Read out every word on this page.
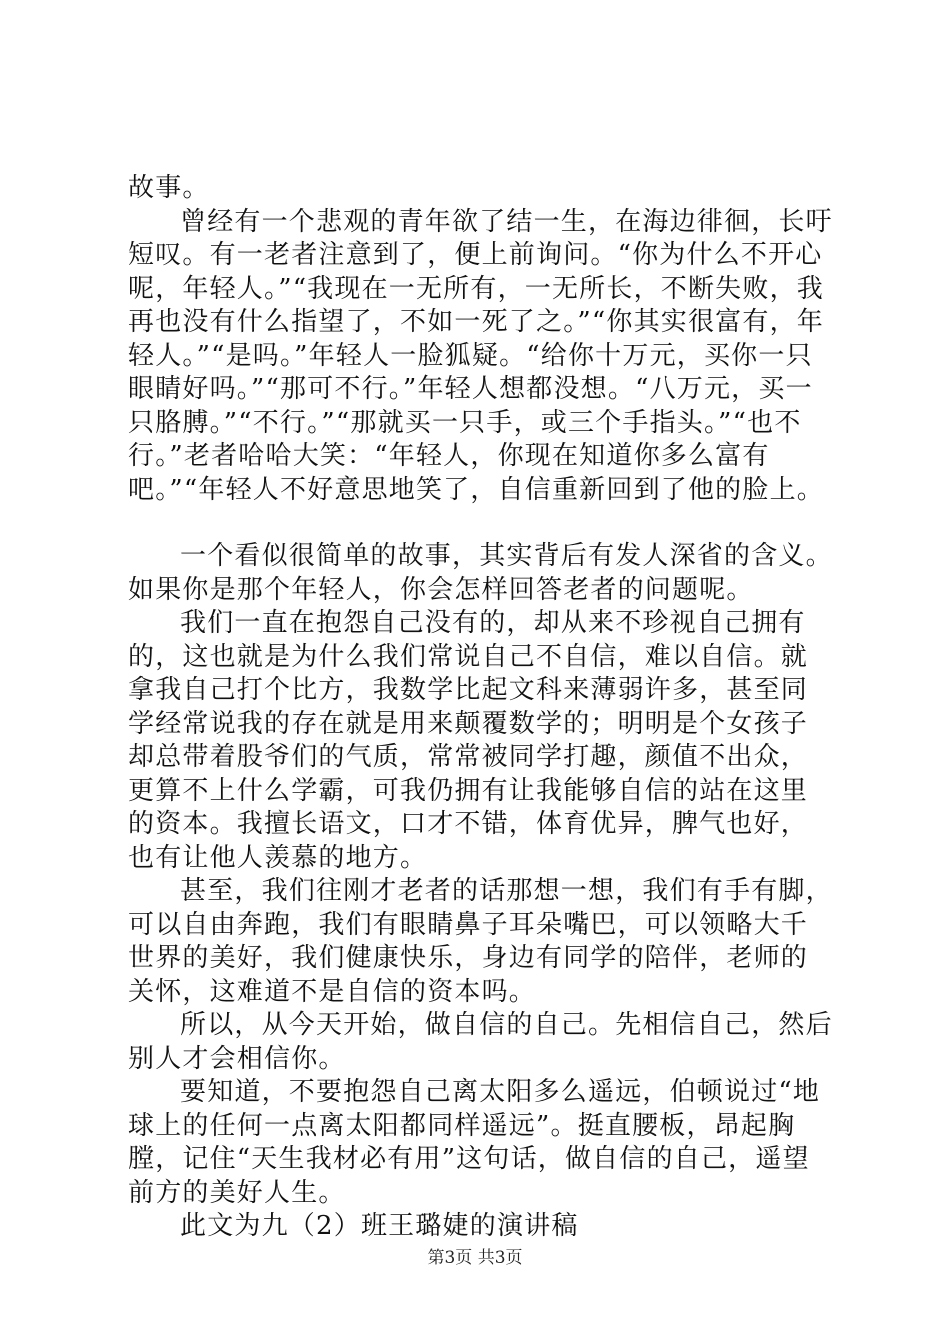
故事。

曾经有一个悲观的青年欲了结一生，在海边徘徊，长吁短叹。有一老者注意到了，便上前询问。“你为什么不开心呢，年轻人。”“我现在一无所有，一无所长，不断失败，我再也没有什么指望了，不如一死了之。”“你其实很富有，年轻人。”“是吗。”年轻人一脸狐疑。“给你十万元，买你一只眼睛好吗。”“那可不行。”年轻人想都没想。“八万元，买一只胳膊。”“不行。”“那就买一只手，或三个手指头。”“也不行。”老者哈哈大笑：“年轻人，你现在知道你多么富有吧。”“年轻人不好意思地笑了，自信重新回到了他的脸上。

一个看似很简单的故事，其实背后有发人深省的含义。如果你是那个年轻人，你会怎样回答老者的问题呢。

我们一直在抱怨自己没有的，却从来不珍视自己拥有的，这也就是为什么我们常说自己不自信，难以自信。就拿我自己打个比方，我数学比起文科来薄弱许多，甚至同学经常说我的存在就是用来颠覆数学的；明明是个女孩子却总带着股爷们的气质，常常被同学打趣，颜值不出众，更算不上什么学霸，可我仍拥有让我能够自信的站在这里的资本。我擅长语文，口才不错，体育优异，脾气也好，也有让他人羡慕的地方。

甚至，我们往刚才老者的话那想一想，我们有手有脚，可以自由奔跑，我们有眼睛鼻子耳朵嘴巴，可以领略大千世界的美好，我们健康快乐，身边有同学的陪伴，老师的关怀，这难道不是自信的资本吗。

所以，从今天开始，做自信的自己。先相信自己，然后别人才会相信你。

要知道，不要抱怨自己离太阳多么遥远，伯顿说过“地球上的任何一点离太阳都同样遥远”。挺直腰板，昂起胸膛，记住“天生我材必有用”这句话，做自信的自己，遥望前方的美好人生。

此文为九（2）班王璐婕的演讲稿

第3页 共3页
